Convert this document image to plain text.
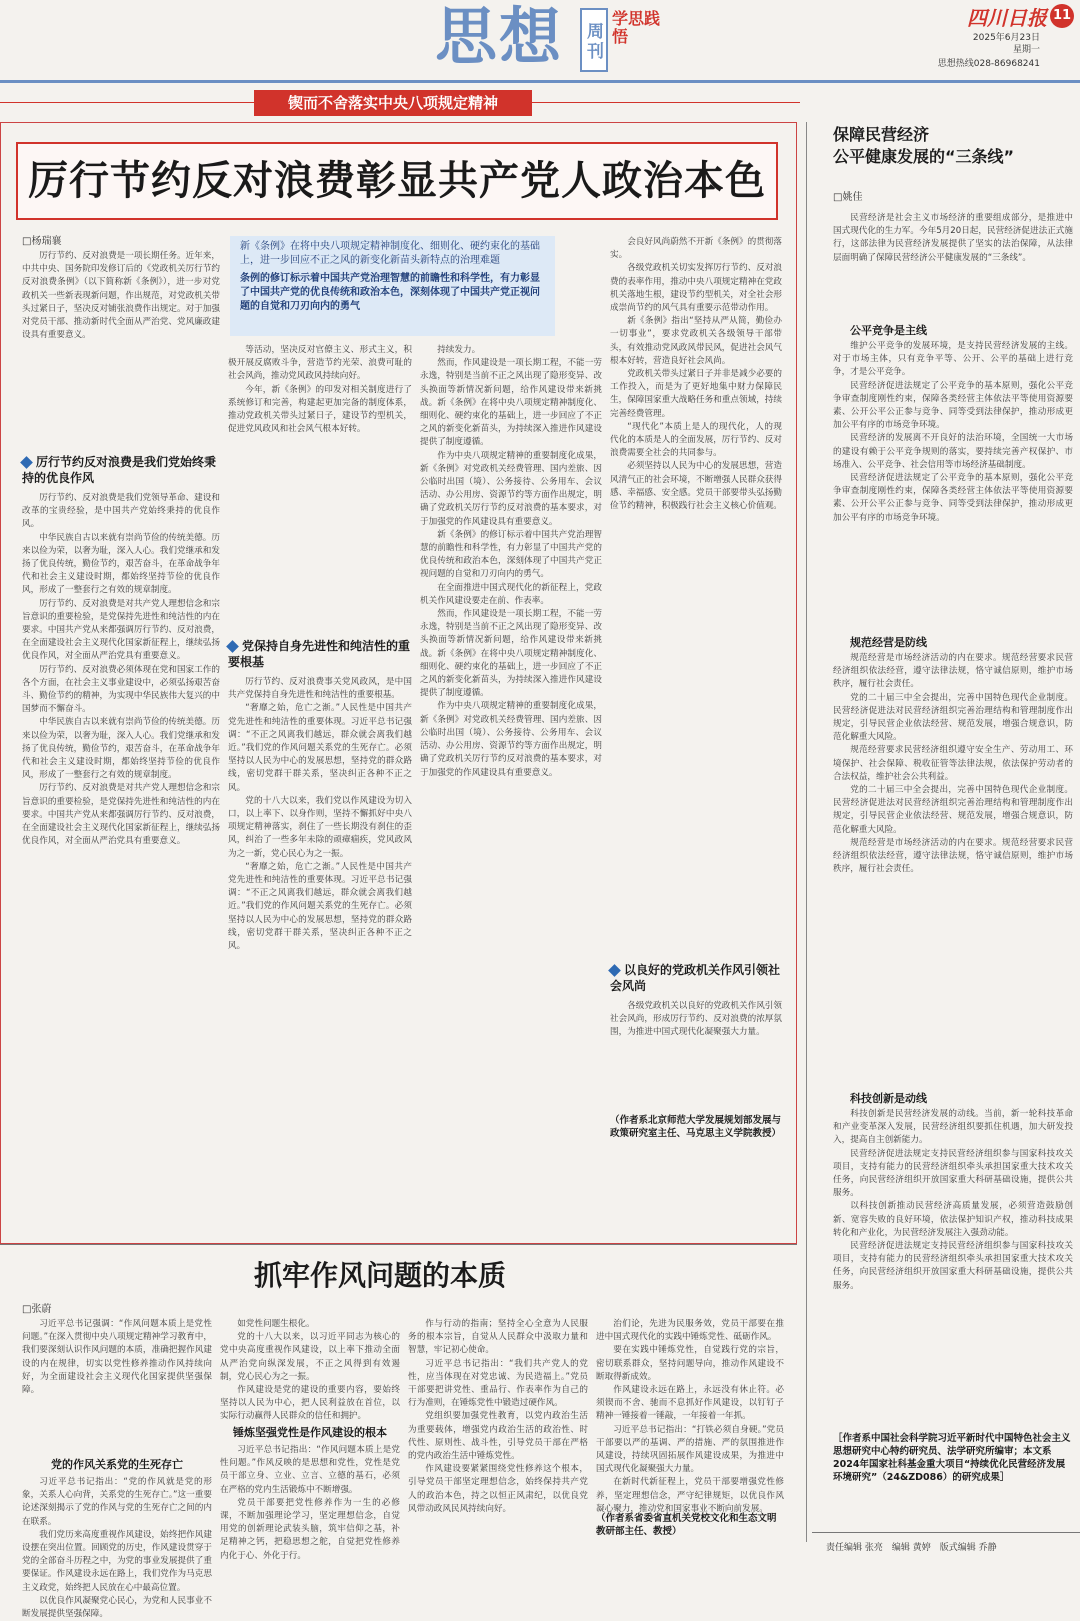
思想 周刊
学思践悟
四川日报 11
2025年6月23日
星期一
思想热线028-86968241
锲而不舍落实中央八项规定精神
厉行节约反对浪费彰显共产党人政治本色
□杨瑞襄	新《条例》在将中央八项规定精神制度化、细则化、硬约束化的基础上，进一步回应不正之风的新变化新苗头新特点的治理难题

条例的修订标示着中国共产党治理智慧的前瞻性和科学性，有力彰显了中国共产党的优良传统和政治本色，深刻体现了中国共产党正视问题的自觉和刀刃向内的勇气

厉行节约、反对浪费是一项长期任务。近年来，中共中央、国务院印发修订后的《党政机关厉行节约反对浪费条例》（以下简称新《条例》），进一步对党政机关一些新表现新问题，作出规范，对党政机关带头过紧日子，坚决反对铺张浪费作出规定。对于加强对党员干部、推动新时代全面从严治党、党风廉政建设具有重要意义。

厉行节约反对浪费是我们党始终秉持的优良作风

厉行节约、反对浪费是我们党领导革命、建设和改革的宝贵经验，是中国共产党始终秉持的优良作风。

中华民族自古以来就有崇尚节俭的传统美德。历来以俭为荣，以奢为耻，深入人心。我们党继承和发扬了优良传统，勤俭节约，艰苦奋斗，在革命战争年代和社会主义建设时期，都始终坚持节俭的优良作风，形成了一整套行之有效的规章制度。

厉行节约、反对浪费是对共产党人理想信念和宗旨意识的重要检验，是党保持先进性和纯洁性的内在要求。中国共产党从来都强调厉行节约、反对浪费，在全面建设社会主义现代化国家新征程上，继续弘扬优良作风，对全面从严治党具有重要意义。

厉行节约、反对浪费必须体现在党和国家工作的各个方面，在社会主义事业建设中，必须弘扬艰苦奋斗、勤俭节约的精神，为实现中华民族伟大复兴的中国梦而不懈奋斗。

中华民族自古以来就有崇尚节俭的传统美德。历来以俭为荣，以奢为耻，深入人心。我们党继承和发扬了优良传统，勤俭节约，艰苦奋斗，在革命战争年代和社会主义建设时期，都始终坚持节俭的优良作风，形成了一整套行之有效的规章制度。

厉行节约、反对浪费是对共产党人理想信念和宗旨意识的重要检验，是党保持先进性和纯洁性的内在要求。中国共产党从来都强调厉行节约、反对浪费，在全面建设社会主义现代化国家新征程上，继续弘扬优良作风，对全面从严治党具有重要意义。

等活动，坚决反对官僚主义、形式主义，积极开展反腐败斗争，营造节约光荣、浪费可耻的社会风尚，推动党风政风持续向好。

今年，新《条例》的印发对相关制度进行了系统修订和完善，构建起更加完备的制度体系，推动党政机关带头过紧日子，建设节约型机关，促进党风政风和社会风气根本好转。

党保持自身先进性和纯洁性的重要根基

厉行节约、反对浪费事关党风政风，是中国共产党保持自身先进性和纯洁性的重要根基。

“奢靡之始，危亡之渐。”人民性是中国共产党先进性和纯洁性的重要体现。习近平总书记强调：“不正之风离我们越远，群众就会离我们越近。”我们党的作风问题关系党的生死存亡。必须坚持以人民为中心的发展思想，坚持党的群众路线，密切党群干群关系，坚决纠正各种不正之风。

党的十八大以来，我们党以作风建设为切入口，以上率下、以身作则，坚持不懈抓好中央八项规定精神落实，刹住了一些长期没有刹住的歪风，纠治了一些多年未除的顽瘴痼疾，党风政风为之一新，党心民心为之一振。

“奢靡之始，危亡之渐。”人民性是中国共产党先进性和纯洁性的重要体现。习近平总书记强调：“不正之风离我们越远，群众就会离我们越近。”我们党的作风问题关系党的生死存亡。必须坚持以人民为中心的发展思想，坚持党的群众路线，密切党群干群关系，坚决纠正各种不正之风。

持续发力。

然而，作风建设是一项长期工程，不能一劳永逸，特别是当前不正之风出现了隐形变异、改头换面等新情况新问题，给作风建设带来新挑战。新《条例》在将中央八项规定精神制度化、细则化、硬约束化的基础上，进一步回应了不正之风的新变化新苗头，为持续深入推进作风建设提供了制度遵循。

作为中央八项规定精神的重要制度化成果，新《条例》对党政机关经费管理、国内差旅、因公临时出国（境）、公务接待、公务用车、会议活动、办公用房、资源节约等方面作出规定，明确了党政机关厉行节约反对浪费的基本要求，对于加强党的作风建设具有重要意义。

新《条例》的修订标示着中国共产党治理智慧的前瞻性和科学性，有力彰显了中国共产党的优良传统和政治本色，深刻体现了中国共产党正视问题的自觉和刀刃向内的勇气。

在全面推进中国式现代化的新征程上，党政机关作风建设要走在前、作表率。

然而，作风建设是一项长期工程，不能一劳永逸，特别是当前不正之风出现了隐形变异、改头换面等新情况新问题，给作风建设带来新挑战。新《条例》在将中央八项规定精神制度化、细则化、硬约束化的基础上，进一步回应了不正之风的新变化新苗头，为持续深入推进作风建设提供了制度遵循。

作为中央八项规定精神的重要制度化成果，新《条例》对党政机关经费管理、国内差旅、因公临时出国（境）、公务接待、公务用车、会议活动、办公用房、资源节约等方面作出规定，明确了党政机关厉行节约反对浪费的基本要求，对于加强党的作风建设具有重要意义。

会良好风尚蔚然不开新《条例》的贯彻落实。

各级党政机关切实发挥厉行节约、反对浪费的表率作用，推动中央八项规定精神在党政机关落地生根，建设节约型机关，对全社会形成崇尚节约的风气具有重要示范带动作用。

新《条例》指出“坚持从严从简，勤俭办一切事业”，要求党政机关各级领导干部带头，有效推动党风政风带民风，促进社会风气根本好转，营造良好社会风尚。

党政机关带头过紧日子并非是减少必要的工作投入，而是为了更好地集中财力保障民生，保障国家重大战略任务和重点领域，持续完善经费管理。

“现代化”本质上是人的现代化，人的现代化的本质是人的全面发展，厉行节约、反对浪费需要全社会的共同参与。

必须坚持以人民为中心的发展思想，营造风清气正的社会环境，不断增强人民群众获得感、幸福感、安全感。党员干部要带头弘扬勤俭节约精神，积极践行社会主义核心价值观。

以良好的党政机关作风引领社会风尚

各级党政机关以良好的党政机关作风引领社会风尚，形成厉行节约、反对浪费的浓厚氛围，为推进中国式现代化凝聚强大力量。

（作者系北京师范大学发展规划部发展与政策研究室主任、马克思主义学院教授）
抓牢作风问题的本质
□张蔚

习近平总书记强调：“作风问题本质上是党性问题。”在深入贯彻中央八项规定精神学习教育中，我们要深刻认识作风问题的本质，准确把握作风建设的内在规律，切实以党性修养推动作风持续向好，为全面建设社会主义现代化国家提供坚强保障。

党的作风关系党的生死存亡

习近平总书记指出：“党的作风就是党的形象，关系人心向背，关系党的生死存亡。”这一重要论述深刻揭示了党的作风与党的生死存亡之间的内在联系。

我们党历来高度重视作风建设，始终把作风建设摆在突出位置。回顾党的历史，作风建设贯穿于党的全部奋斗历程之中，为党的事业发展提供了重要保证。作风建设永远在路上，我们党作为马克思主义政党，始终把人民放在心中最高位置。

以优良作风凝聚党心民心，为党和人民事业不断发展提供坚强保障。

如党性问题生根化。

党的十八大以来，以习近平同志为核心的党中央高度重视作风建设，以上率下推动全面从严治党向纵深发展，不正之风得到有效遏制，党心民心为之一振。

作风建设是党的建设的重要内容，要始终坚持以人民为中心，把人民利益放在首位，以实际行动赢得人民群众的信任和拥护。

锤炼坚强党性是作风建设的根本

习近平总书记指出：“作风问题本质上是党性问题。”作风反映的是思想和党性，党性是党员干部立身、立业、立言、立德的基石，必须在严格的党内生活锻炼中不断增强。

党员干部要把党性修养作为一生的必修课，不断加强理论学习，坚定理想信念，自觉用党的创新理论武装头脑，筑牢信仰之基，补足精神之钙，把稳思想之舵，自觉把党性修养内化于心、外化于行。

作与行动的指南；坚持全心全意为人民服务的根本宗旨，自觉从人民群众中汲取力量和智慧，牢记初心使命。

习近平总书记指出：“我们共产党人的党性，应当体现在对党忠诚、为民造福上。”党员干部要把讲党性、重品行、作表率作为自己的行为准则，在锤炼党性中锻造过硬作风。

党组织要加强党性教育，以党内政治生活为重要载体，增强党内政治生活的政治性、时代性、原则性、战斗性，引导党员干部在严格的党内政治生活中锤炼党性。

作风建设要紧紧围绕党性修养这个根本，引导党员干部坚定理想信念，始终保持共产党人的政治本色，持之以恒正风肃纪，以优良党风带动政风民风持续向好。

治们论，先进为民服务效，党员干部要在推进中国式现代化的实践中锤炼党性、砥砺作风。

要在实践中锤炼党性，自觉践行党的宗旨，密切联系群众，坚持问题导向，推动作风建设不断取得新成效。

作风建设永远在路上，永远没有休止符。必须锲而不舍、驰而不息抓好作风建设，以钉钉子精神一锤接着一锤敲，一年接着一年抓。

习近平总书记指出：“打铁必须自身硬。”党员干部要以严的基调、严的措施、严的氛围推进作风建设，持续巩固拓展作风建设成果，为推进中国式现代化凝聚强大力量。

在新时代新征程上，党员干部要增强党性修养，坚定理想信念，严守纪律规矩，以优良作风凝心聚力，推动党和国家事业不断向前发展。

（作者系省委省直机关党校文化和生态文明教研部主任、教授）
保障民营经济
公平健康发展的“三条线”
□姚佳

民营经济是社会主义市场经济的重要组成部分，是推进中国式现代化的生力军。今年5月20日起，民营经济促进法正式施行，这部法律为民营经济发展提供了坚实的法治保障，从法律层面明确了保障民营经济公平健康发展的“三条线”。

公平竞争是主线

维护公平竞争的发展环境，是支持民营经济发展的主线。对于市场主体，只有竞争平等、公开、公平的基础上进行竞争，才是公平竞争。

民营经济促进法规定了公平竞争的基本原则，强化公平竞争审查制度刚性约束，保障各类经营主体依法平等使用资源要素、公开公平公正参与竞争、同等受到法律保护，推动形成更加公平有序的市场竞争环境。

民营经济的发展离不开良好的法治环境，全国统一大市场的建设有赖于公平竞争规则的落实，要持续完善产权保护、市场准入、公平竞争、社会信用等市场经济基础制度。

民营经济促进法规定了公平竞争的基本原则，强化公平竞争审查制度刚性约束，保障各类经营主体依法平等使用资源要素、公开公平公正参与竞争、同等受到法律保护，推动形成更加公平有序的市场竞争环境。

规范经营是防线

规范经营是市场经济活动的内在要求。规范经营要求民营经济组织依法经营，遵守法律法规，恪守诚信原则，维护市场秩序，履行社会责任。

党的二十届三中全会提出，完善中国特色现代企业制度。民营经济促进法对民营经济组织完善治理结构和管理制度作出规定，引导民营企业依法经营、规范发展，增强合规意识，防范化解重大风险。

规范经营要求民营经济组织遵守安全生产、劳动用工、环境保护、社会保障、税收征管等法律法规，依法保护劳动者的合法权益，维护社会公共利益。

党的二十届三中全会提出，完善中国特色现代企业制度。民营经济促进法对民营经济组织完善治理结构和管理制度作出规定，引导民营企业依法经营、规范发展，增强合规意识，防范化解重大风险。

规范经营是市场经济活动的内在要求。规范经营要求民营经济组织依法经营，遵守法律法规，恪守诚信原则，维护市场秩序，履行社会责任。

科技创新是动线

科技创新是民营经济发展的动线。当前，新一轮科技革命和产业变革深入发展，民营经济组织要抓住机遇，加大研发投入，提高自主创新能力。

民营经济促进法规定支持民营经济组织参与国家科技攻关项目，支持有能力的民营经济组织牵头承担国家重大技术攻关任务，向民营经济组织开放国家重大科研基础设施，提供公共服务。

以科技创新推动民营经济高质量发展，必须营造鼓励创新、宽容失败的良好环境，依法保护知识产权，推动科技成果转化和产业化，为民营经济发展注入强劲动能。

民营经济促进法规定支持民营经济组织参与国家科技攻关项目，支持有能力的民营经济组织牵头承担国家重大技术攻关任务，向民营经济组织开放国家重大科研基础设施，提供公共服务。

［作者系中国社会科学院习近平新时代中国特色社会主义思想研究中心特约研究员、法学研究所编审；本文系2024年国家社科基金重大项目“持续优化民营经济发展环境研究”（24&ZD086）的研究成果］
责任编辑 张亮　编辑 黄婷　版式编辑 乔静
